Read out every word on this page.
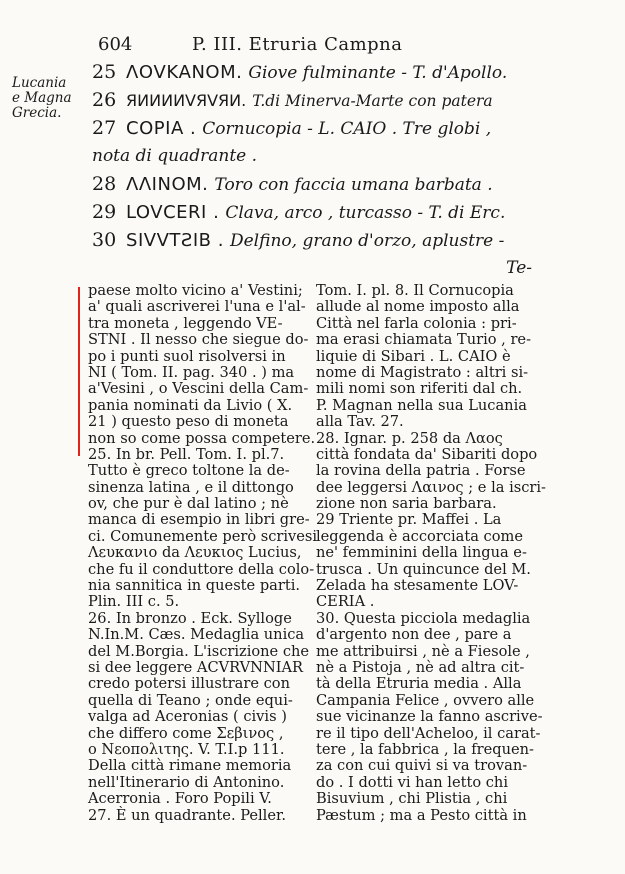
604	P. III. Etruria Campna
Lucania
e Magna
Grecia.
25 ΛΟVΚΑΝΟΜ. Giove fulminante - T. d'Apollo.
26 ЯИИИИVЯVЯИ. T.di Minerva-Marte con patera
27 COPIA . Cornucopia - L. CAIO . Tre globi ,
nota di quadrante .
28 ΛΛΙΝΟΜ. Toro con faccia umana barbata .
29 LOVCERI . Clava, arco , turcasso - T. di Erc.
30 SIVVTƧIB . Delfino, grano d'orzo, aplustre -
Te-
paese molto vicino a' Vestini;
a' quali ascriverei l'una e l'al-
tra moneta , leggendo VE-
STNI . Il nesso che siegue do-
po i punti suol risolversi in
NI ( Tom. II. pag. 340 . ) ma
a'Vesini , o Vescini della Cam-
pania nominati da Livio ( X.
21 ) questo peso di moneta
non so come possa competere.
25. In br. Pell. Tom. I. pl.7.
Tutto è greco toltone la de-
sinenza latina , e il dittongo
ov, che pur è dal latino ; nè
manca di esempio in libri gre-
ci. Comunemente però scrivesi
Λευκανιο da Λευκιος Lucius,
che fu il conduttore della colo-
nia sannitica in queste parti.
Plin. III c. 5.
26. In bronzo . Eck. Sylloge
N.In.M. Cæs. Medaglia unica
del M.Borgia. L'iscrizione che
si dee leggere ACVRVNNIAR
credo potersi illustrare con
quella di Teano ; onde equi-
valga ad Aceronias ( civis )
che differo come Σεβινος ,
o Νεοπολιτης. V. T.I.p 111.
Della città rimane memoria
nell'Itinerario di Antonino.
Acerronia . Foro Popili V.
27. È un quadrante. Peller.
Tom. I. pl. 8. Il Cornucopia
allude al nome imposto alla
Città nel farla colonia : pri-
ma erasi chiamata Turio , re-
liquie di Sibari . L. CAIO è
nome di Magistrato : altri si-
mili nomi son riferiti dal ch.
P. Magnan nella sua Lucania
alla Tav. 27.
28. Ignar. p. 258 da Λαος
città fondata da' Sibariti dopo
la rovina della patria . Forse
dee leggersi Λαινος ; e la iscri-
zione non saria barbara.
29 Triente pr. Maffei . La
leggenda è accorciata come
ne' femminini della lingua e-
trusca . Un quincunce del M.
Zelada ha stesamente LOV-
CERIA .
30. Questa picciola medaglia
d'argento non dee , pare a
me attribuirsi , nè a Fiesole ,
nè a Pistoja , nè ad altra cit-
tà della Etruria media . Alla
Campania Felice , ovvero alle
sue vicinanze la fanno ascrive-
re il tipo dell'Acheloo, il carat-
tere , la fabbrica , la frequen-
za con cui quivi si va trovan-
do . I dotti vi han letto chi
Bisuvium , chi Plistia , chi
Pæstum ; ma a Pesto città in
